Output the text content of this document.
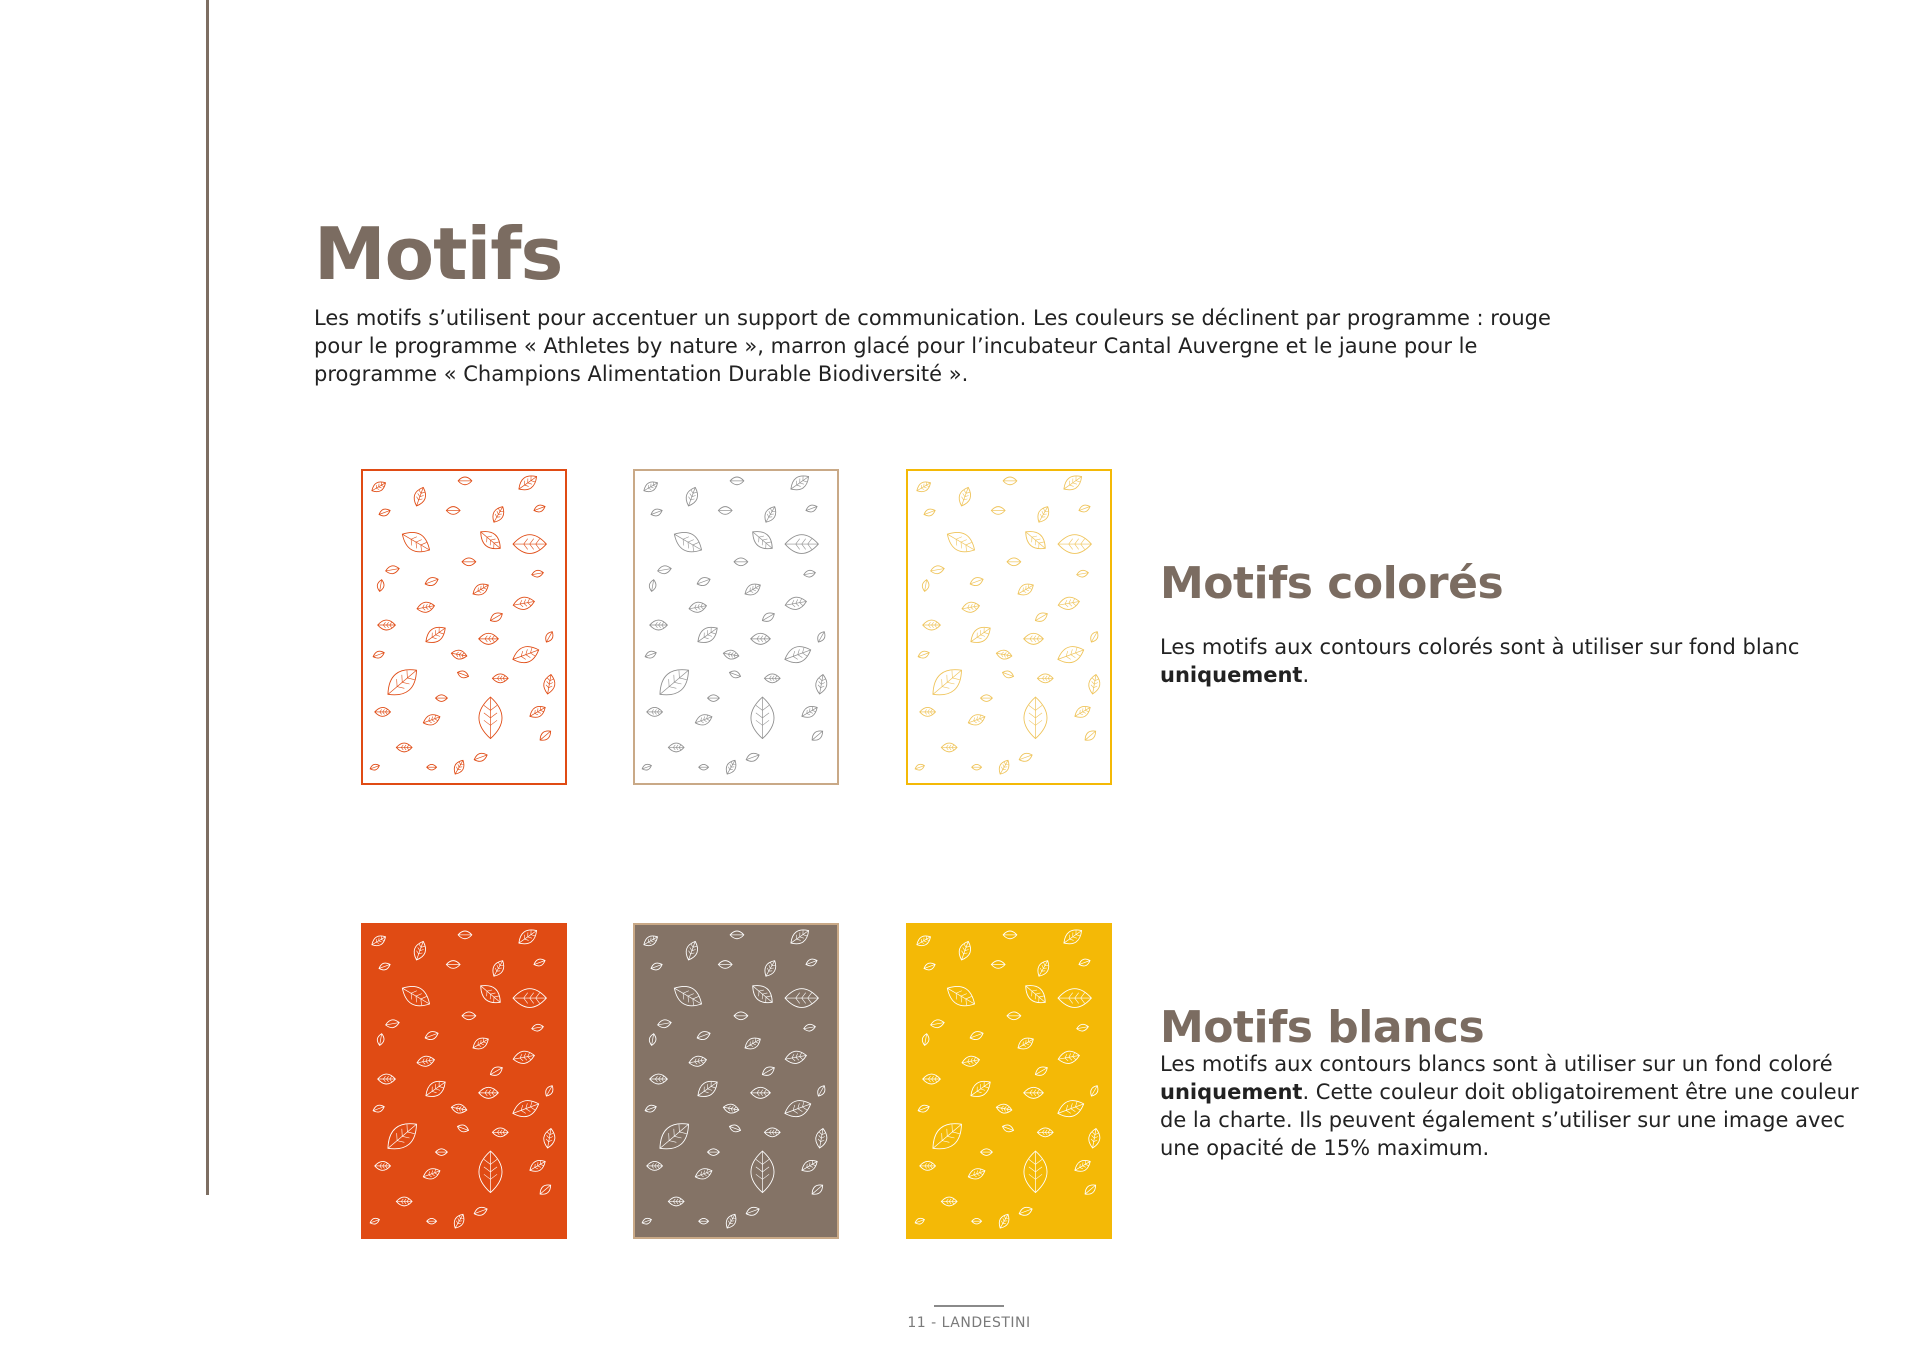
Motifs

Les motifs s’utilisent pour accentuer un support de communication. Les couleurs se déclinent par programme : rouge pour le programme « Athletes by nature », marron glacé pour l’incubateur Cantal Auvergne et le jaune pour le programme « Champions Alimentation Durable Biodiversité ».

Motifs colorés

Les motifs aux contours colorés sont à utiliser sur fond blanc uniquement.

Motifs blancs

Les motifs aux contours blancs sont à utiliser sur un fond coloré uniquement. Cette couleur doit obligatoirement être une couleur de la charte. Ils peuvent également s’utiliser sur une image avec une opacité de 15% maximum.

11 - LANDESTINI
